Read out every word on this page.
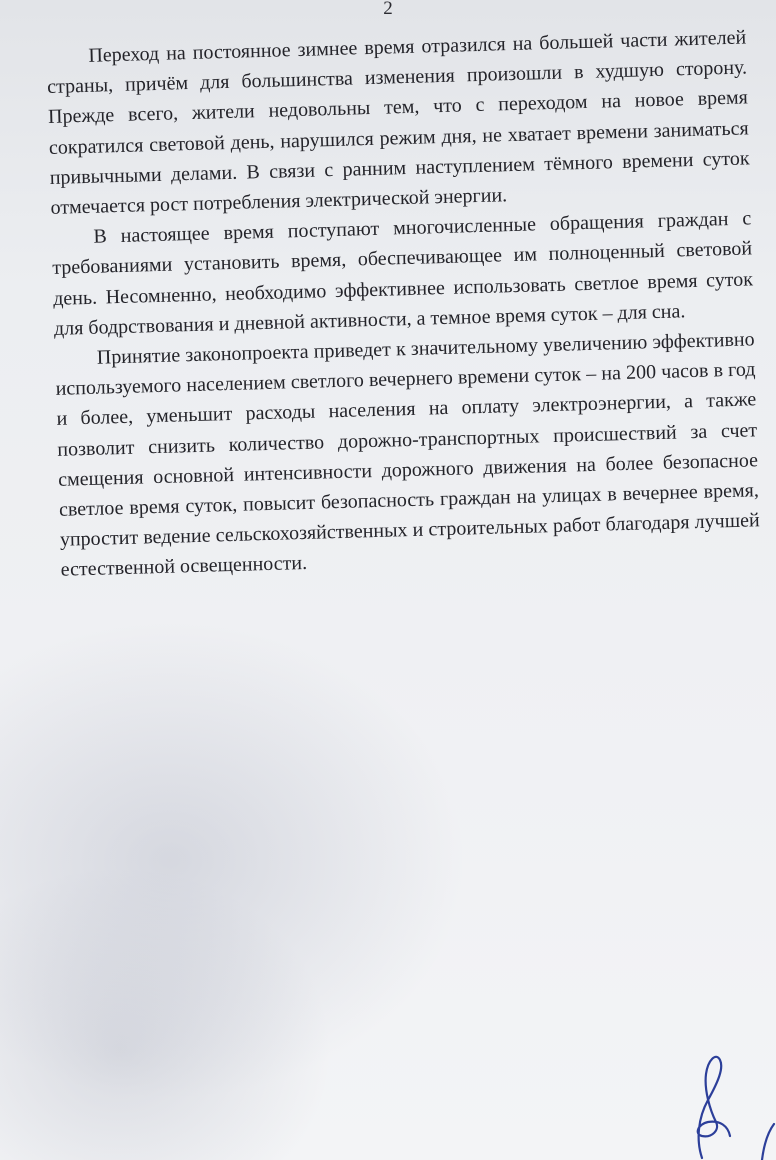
2

Переход на постоянное зимнее время отразился на большей части жителей страны, причём для большинства изменения произошли в худшую сторону. Прежде всего, жители недовольны тем, что с переходом на новое время сократился световой день, нарушился режим дня, не хватает времени заниматься привычными делами. В связи с ранним наступлением тёмного времени суток отмечается рост потребления электрической энергии.

В настоящее время поступают многочисленные обращения граждан с требованиями установить время, обеспечивающее им полноценный световой день. Несомненно, необходимо эффективнее использовать светлое время суток для бодрствования и дневной активности, а темное время суток – для сна.

Принятие законопроекта приведет к значительному увеличению эффективно используемого населением светлого вечернего времени суток – на 200 часов в год и более, уменьшит расходы населения на оплату электроэнергии, а также позволит снизить количество дорожно-транспортных происшествий за счет смещения основной интенсивности дорожного движения на более безопасное светлое время суток, повысит безопасность граждан на улицах в вечернее время, упростит ведение сельскохозяйственных и строительных работ благодаря лучшей естественной освещенности.
